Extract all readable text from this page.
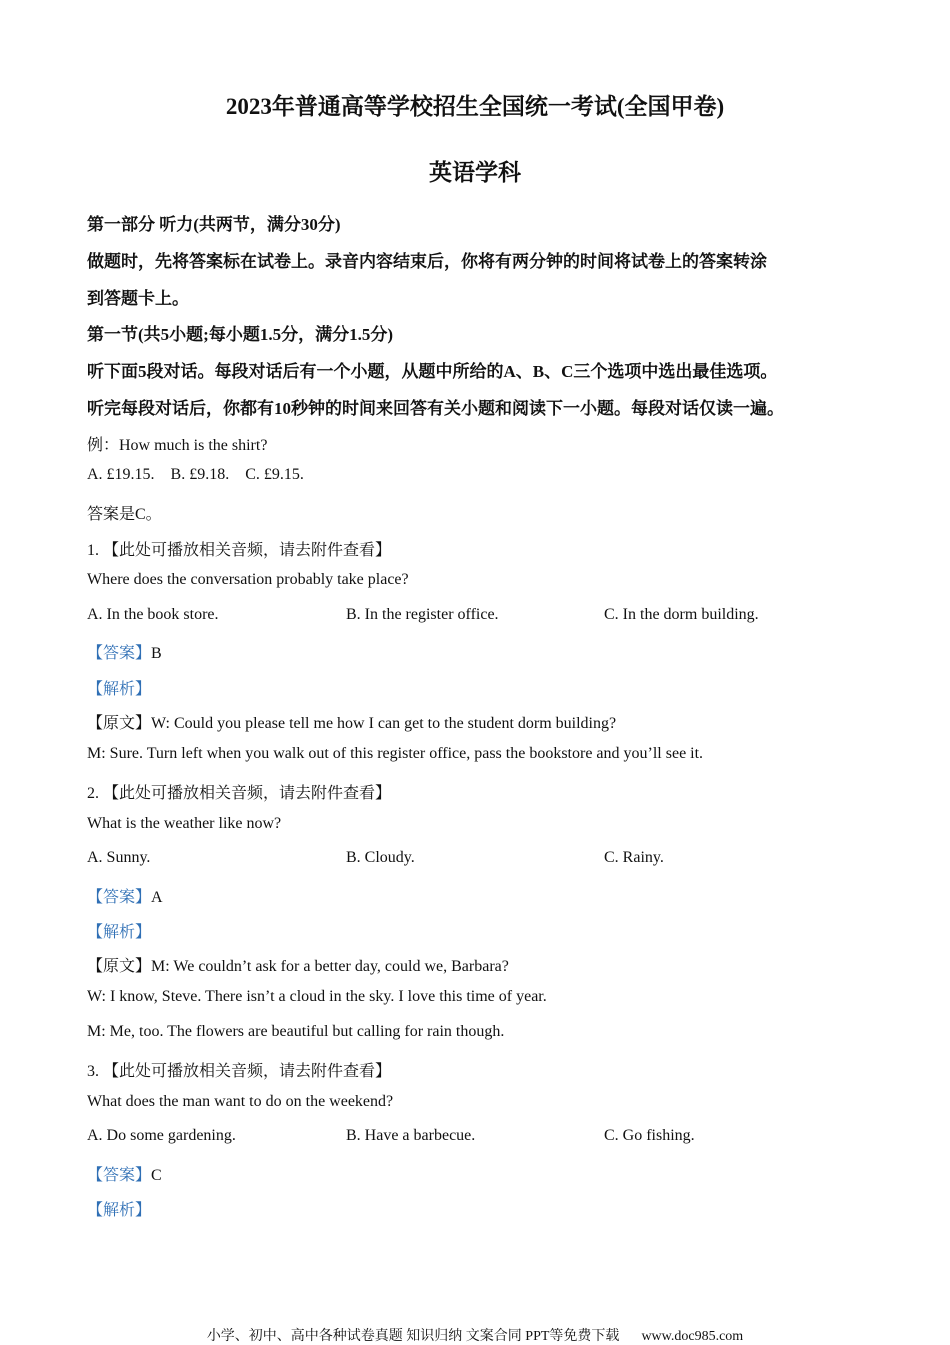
2023年普通高等学校招生全国统一考试(全国甲卷)
英语学科
第一部分 听力(共两节，满分30分)
做题时，先将答案标在试卷上。录音内容结束后，你将有两分钟的时间将试卷上的答案转涂
到答题卡上。
第一节(共5小题;每小题1.5分，满分1.5分)
听下面5段对话。每段对话后有一个小题，从题中所给的A、B、C三个选项中选出最佳选项。
听完每段对话后，你都有10秒钟的时间来回答有关小题和阅读下一小题。每段对话仅读一遍。
例：How much is the shirt?
A. £19.15.    B. £9.18.    C. £9.15.
答案是C。
1. 【此处可播放相关音频，请去附件查看】
Where does the conversation probably take place?
A. In the book store.	B. In the register office.	C. In the dorm building.
【答案】B
【解析】
【原文】W: Could you please tell me how I can get to the student dorm building?
M: Sure. Turn left when you walk out of this register office, pass the bookstore and you’ll see it.
2. 【此处可播放相关音频，请去附件查看】
What is the weather like now?
A. Sunny.	B. Cloudy.	C. Rainy.
【答案】A
【解析】
【原文】M: We couldn’t ask for a better day, could we, Barbara?
W: I know, Steve. There isn’t a cloud in the sky. I love this time of year.
M: Me, too. The flowers are beautiful but calling for rain though.
3. 【此处可播放相关音频，请去附件查看】
What does the man want to do on the weekend?
A. Do some gardening.	B. Have a barbecue.	C. Go fishing.
【答案】C
【解析】
小学、初中、高中各种试卷真题 知识归纳 文案合同 PPT等免费下载 www.doc985.com
